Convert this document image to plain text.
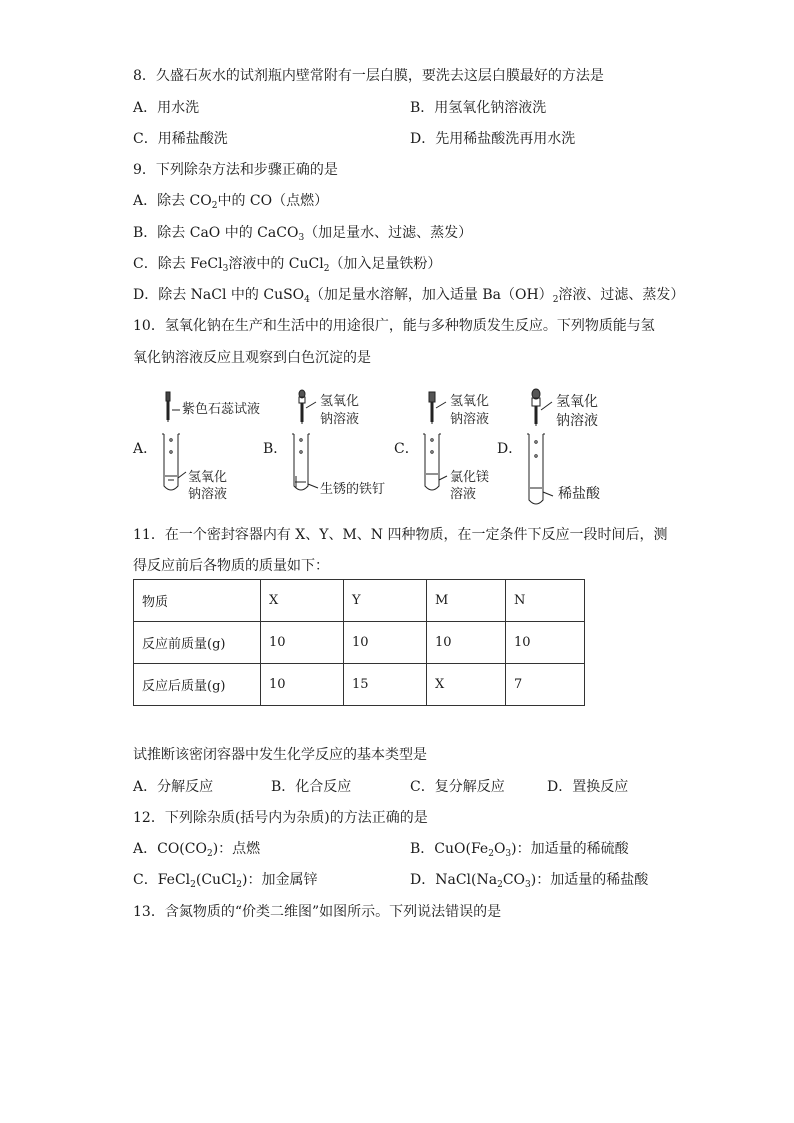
8．久盛石灰水的试剂瓶内壁常附有一层白膜，要洗去这层白膜最好的方法是
A．用水洗	B．用氢氧化钠溶液洗
C．用稀盐酸洗	D．先用稀盐酸洗再用水洗
9．下列除杂方法和步骤正确的是
A．除去 $CO_2$中的 CO（点燃）
B．除去 CaO 中的 CaCO$_3$（加足量水、过滤、蒸发）
C．除去 FeCl$_3$溶液中的 CuCl$_2$（加入足量铁粉）
D．除去 NaCl 中的 CuSO$_4$（加足量水溶解，加入适量 $Ba(OH)_2$溶液、过滤、蒸发）
10．氢氧化钠在生产和生活中的用途很广，能与多种物质发生反应。下列物质能与氢
氧化钠溶液反应且观察到白色沉淀的是
A．	B．	C．	D．
紫色石蕊试液
氢氧化
钠溶液
氢氧化
钠溶液
生锈的铁钉
氢氧化
钠溶液
氯化镁
溶液
氢氧化
钠溶液
稀盐酸
11．在一个密封容器内有 X、Y、M、N 四种物质，在一定条件下反应一段时间后，测
得反应前后各物质的质量如下：
物质	X	Y	M	N
反应前质量(g)	10	10	10	10
反应后质量(g)	10	15	X	7
试推断该密闭容器中发生化学反应的基本类型是
A．分解反应	B．化合反应	C．复分解反应	D．置换反应
12．下列除杂质(括号内为杂质)的方法正确的是
A．$CO(CO_2)$：点燃	B．$CuO(Fe_2O_3)$：加适量的稀硫酸
C．FeCl$_2$(CuCl$_2$)：加金属锌	D．$NaCl(Na_2CO_3)$：加适量的稀盐酸
13．含氮物质的“价类二维图”如图所示。下列说法错误的是
